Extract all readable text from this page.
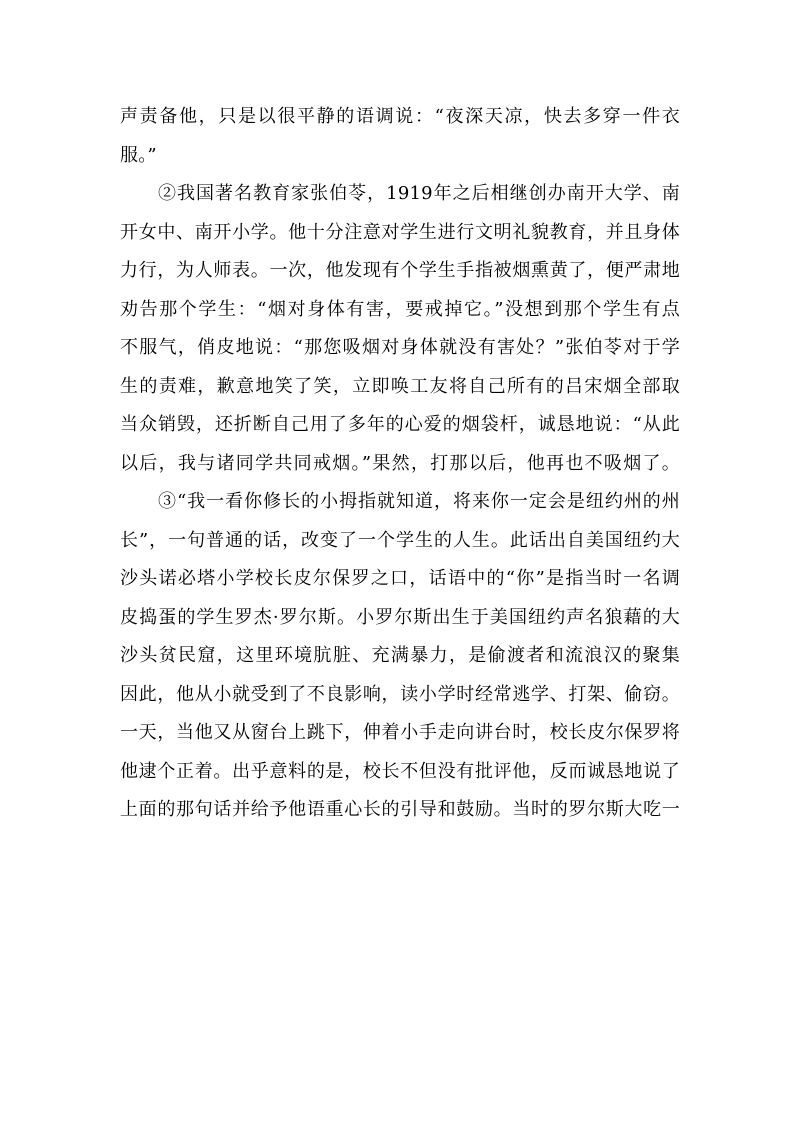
声责备他，只是以很平静的语调说：“夜深天凉，快去多穿一件衣
服。”
②我国著名教育家张伯苓，1919年之后相继创办南开大学、南
开女中、南开小学。他十分注意对学生进行文明礼貌教育，并且身体
力行，为人师表。一次，他发现有个学生手指被烟熏黄了，便严肃地
劝告那个学生：“烟对身体有害，要戒掉它。”没想到那个学生有点
不服气，俏皮地说：“那您吸烟对身体就没有害处？”张伯苓对于学
生的责难，歉意地笑了笑，立即唤工友将自己所有的吕宋烟全部取
当众销毁，还折断自己用了多年的心爱的烟袋杆，诚恳地说：“从此
以后，我与诸同学共同戒烟。”果然，打那以后，他再也不吸烟了。
③“我一看你修长的小拇指就知道，将来你一定会是纽约州的州
长”，一句普通的话，改变了一个学生的人生。此话出自美国纽约大
沙头诺必塔小学校长皮尔保罗之口，话语中的“你”是指当时一名调
皮捣蛋的学生罗杰·罗尔斯。小罗尔斯出生于美国纽约声名狼藉的大
沙头贫民窟，这里环境肮脏、充满暴力，是偷渡者和流浪汉的聚集
因此，他从小就受到了不良影响，读小学时经常逃学、打架、偷窃。
一天，当他又从窗台上跳下，伸着小手走向讲台时，校长皮尔保罗将
他逮个正着。出乎意料的是，校长不但没有批评他，反而诚恳地说了
上面的那句话并给予他语重心长的引导和鼓励。当时的罗尔斯大吃一
